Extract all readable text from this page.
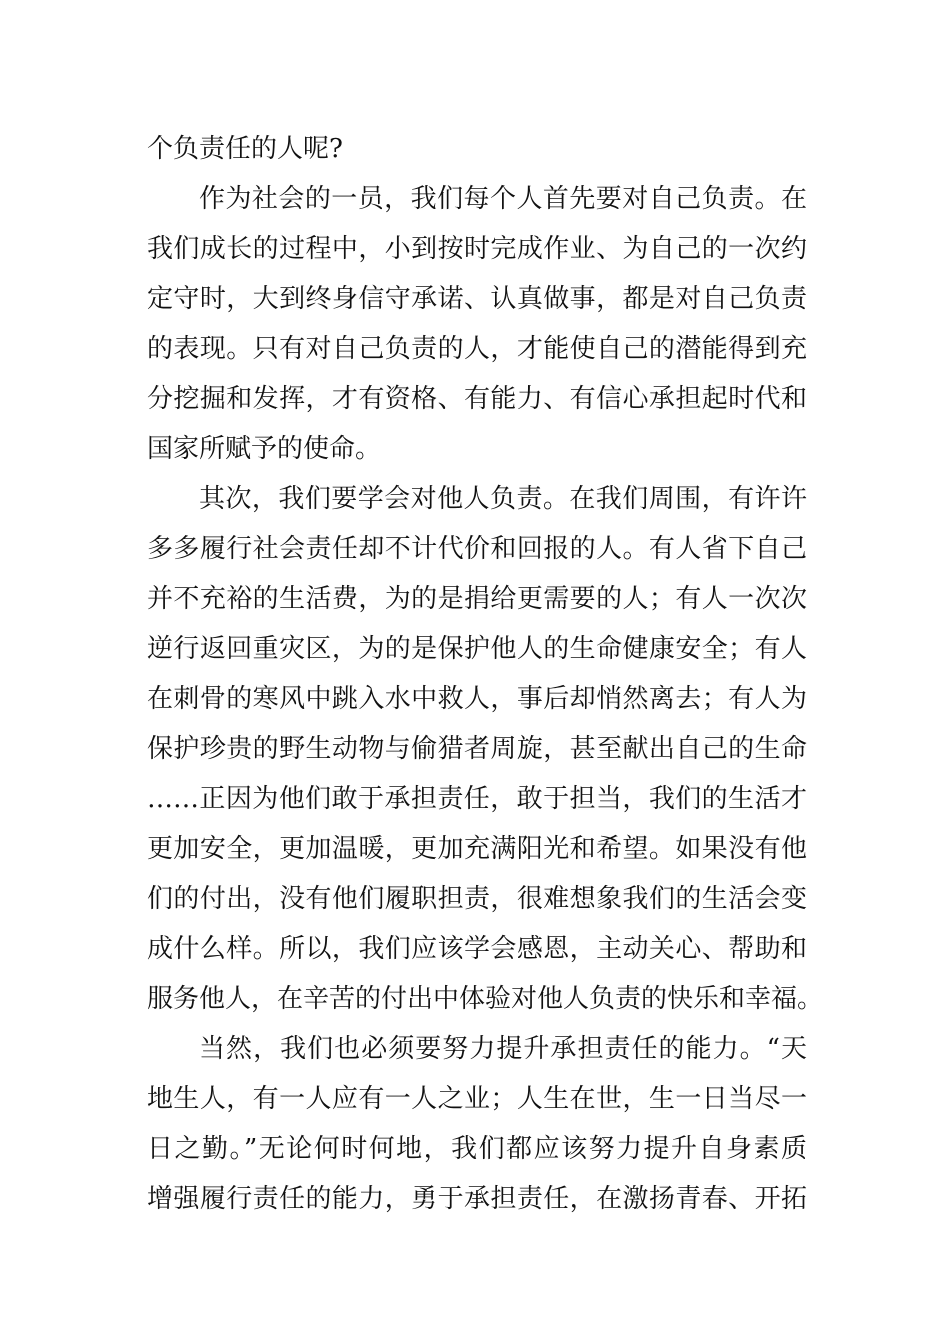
个负责任的人呢?
作为社会的一员，我们每个人首先要对自己负责。在
我们成长的过程中，小到按时完成作业、为自己的一次约
定守时，大到终身信守承诺、认真做事，都是对自己负责
的表现。只有对自己负责的人，才能使自己的潜能得到充
分挖掘和发挥，才有资格、有能力、有信心承担起时代和
国家所赋予的使命。
其次，我们要学会对他人负责。在我们周围，有许许
多多履行社会责任却不计代价和回报的人。有人省下自己
并不充裕的生活费，为的是捐给更需要的人；有人一次次
逆行返回重灾区，为的是保护他人的生命健康安全；有人
在刺骨的寒风中跳入水中救人，事后却悄然离去；有人为
保护珍贵的野生动物与偷猎者周旋，甚至献出自己的生命
……正因为他们敢于承担责任，敢于担当，我们的生活才
更加安全，更加温暖，更加充满阳光和希望。如果没有他
们的付出，没有他们履职担责，很难想象我们的生活会变
成什么样。所以，我们应该学会感恩，主动关心、帮助和
服务他人，在辛苦的付出中体验对他人负责的快乐和幸福。
当然，我们也必须要努力提升承担责任的能力。“天
地生人，有一人应有一人之业；人生在世，生一日当尽一
日之勤。”无论何时何地，我们都应该努力提升自身素质
增强履行责任的能力，勇于承担责任，在激扬青春、开拓
